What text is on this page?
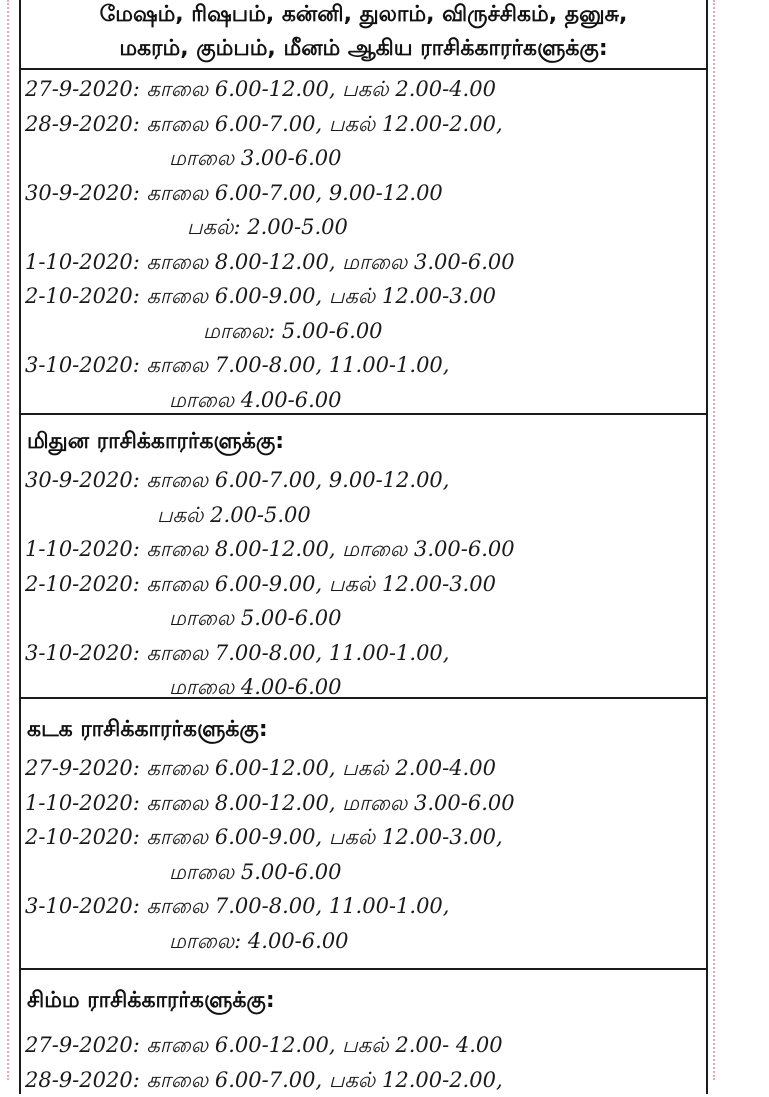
மேஷம், ரிஷபம், கன்னி, துலாம், விருச்சிகம், தனுசு,
மகரம், கும்பம், மீனம் ஆகிய ராசிக்காரர்களுக்கு:
27-9-2020: காலை 6.00-12.00, பகல் 2.00-4.00
28-9-2020: காலை 6.00-7.00, பகல் 12.00-2.00,
மாலை 3.00-6.00
30-9-2020: காலை 6.00-7.00, 9.00-12.00
பகல்: 2.00-5.00
1-10-2020: காலை 8.00-12.00, மாலை 3.00-6.00
2-10-2020: காலை 6.00-9.00, பகல் 12.00-3.00
மாலை: 5.00-6.00
3-10-2020: காலை 7.00-8.00, 11.00-1.00,
மாலை 4.00-6.00
மிதுன ராசிக்காரர்களுக்கு:
30-9-2020: காலை 6.00-7.00, 9.00-12.00,
பகல் 2.00-5.00
1-10-2020: காலை 8.00-12.00, மாலை 3.00-6.00
2-10-2020: காலை 6.00-9.00, பகல் 12.00-3.00
மாலை 5.00-6.00
3-10-2020: காலை 7.00-8.00, 11.00-1.00,
மாலை 4.00-6.00
கடக ராசிக்காரர்களுக்கு:
27-9-2020: காலை 6.00-12.00, பகல் 2.00-4.00
1-10-2020: காலை 8.00-12.00, மாலை 3.00-6.00
2-10-2020: காலை 6.00-9.00, பகல் 12.00-3.00,
மாலை 5.00-6.00
3-10-2020: காலை 7.00-8.00, 11.00-1.00,
மாலை: 4.00-6.00
சிம்ம ராசிக்காரர்களுக்கு:
27-9-2020: காலை 6.00-12.00, பகல் 2.00- 4.00
28-9-2020: காலை 6.00-7.00, பகல் 12.00-2.00,
